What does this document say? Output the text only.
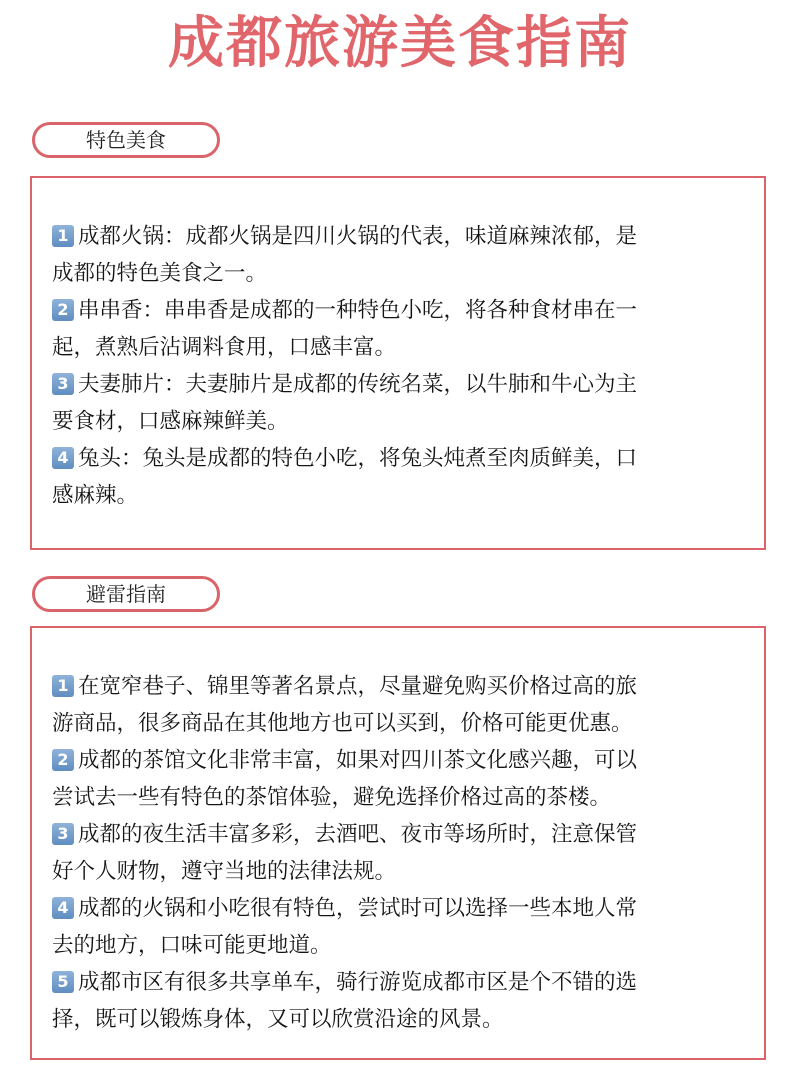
成都旅游美食指南
特色美食
1 成都火锅：成都火锅是四川火锅的代表，味道麻辣浓郁，是
成都的特色美食之一。
2 串串香：串串香是成都的一种特色小吃，将各种食材串在一
起，煮熟后沾调料食用，口感丰富。
3 夫妻肺片：夫妻肺片是成都的传统名菜，以牛肺和牛心为主
要食材，口感麻辣鲜美。
4 兔头：兔头是成都的特色小吃，将兔头炖煮至肉质鲜美，口
感麻辣。
避雷指南
1 在宽窄巷子、锦里等著名景点，尽量避免购买价格过高的旅
游商品，很多商品在其他地方也可以买到，价格可能更优惠。
2 成都的茶馆文化非常丰富，如果对四川茶文化感兴趣，可以
尝试去一些有特色的茶馆体验，避免选择价格过高的茶楼。
3 成都的夜生活丰富多彩，去酒吧、夜市等场所时，注意保管
好个人财物，遵守当地的法律法规。
4 成都的火锅和小吃很有特色，尝试时可以选择一些本地人常
去的地方，口味可能更地道。
5 成都市区有很多共享单车，骑行游览成都市区是个不错的选
择，既可以锻炼身体，又可以欣赏沿途的风景。
